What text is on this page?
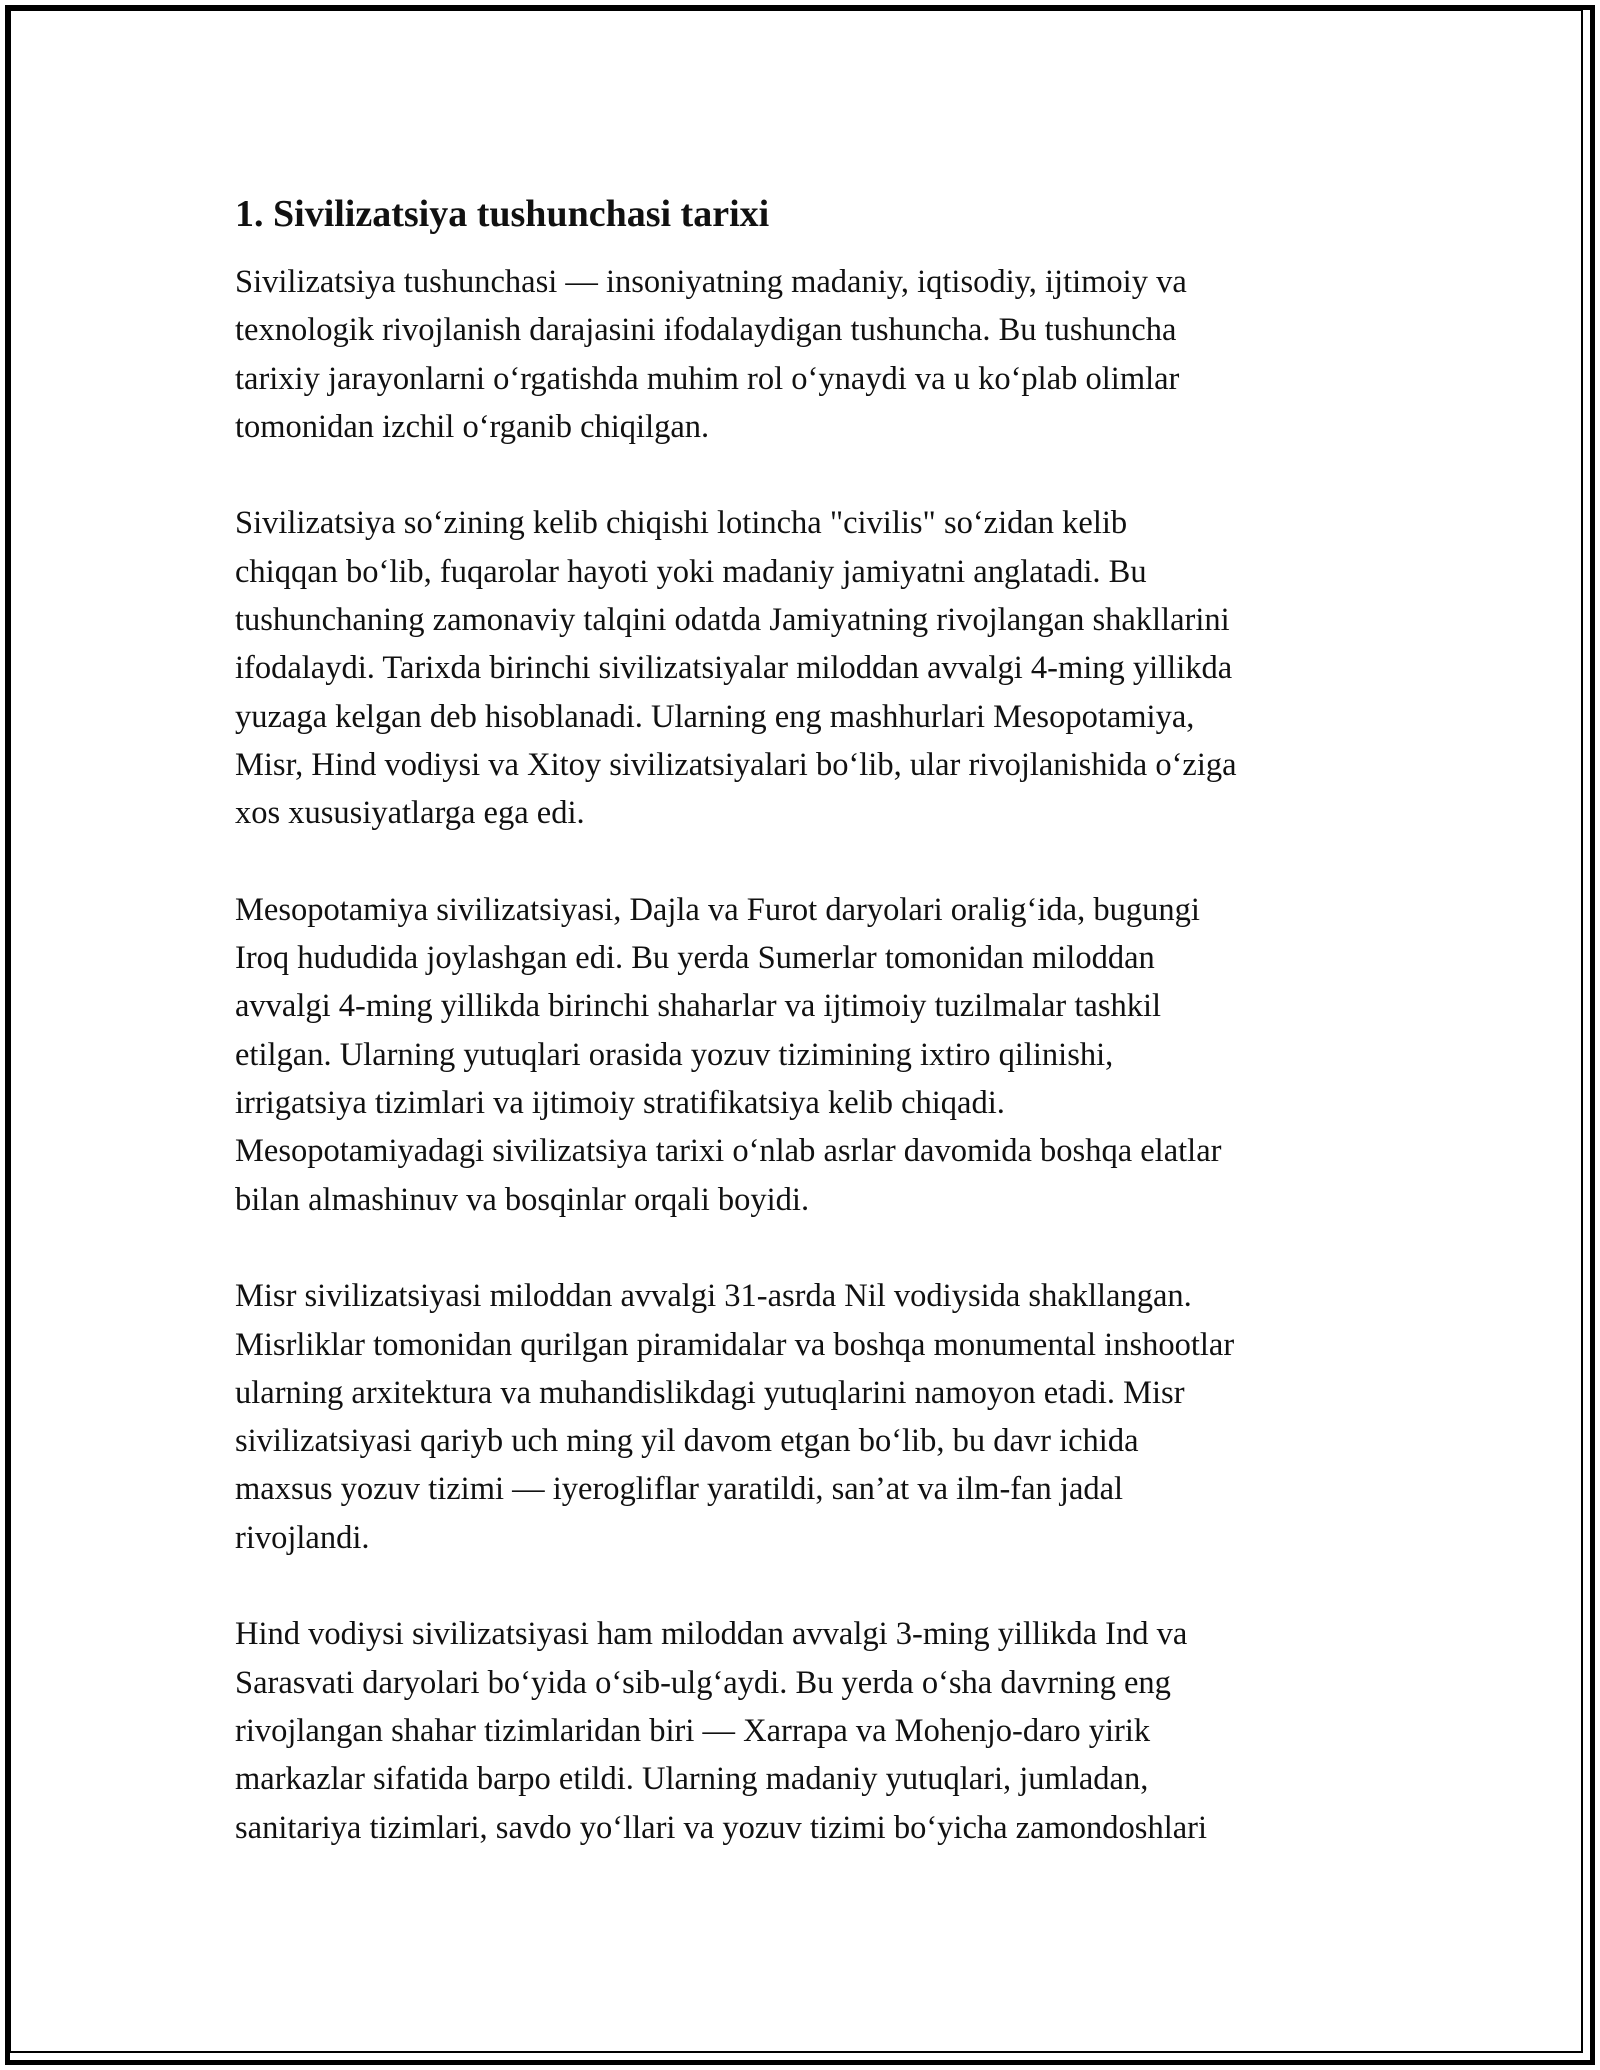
1. Sivilizatsiya tushunchasi tarixi
Sivilizatsiya tushunchasi — insoniyatning madaniy, iqtisodiy, ijtimoiy va
texnologik rivojlanish darajasini ifodalaydigan tushuncha. Bu tushuncha
tarixiy jarayonlarni oʻrgatishda muhim rol oʻynaydi va u koʻplab olimlar
tomonidan izchil oʻrganib chiqilgan.
Sivilizatsiya soʻzining kelib chiqishi lotincha "civilis" soʻzidan kelib
chiqqan boʻlib, fuqarolar hayoti yoki madaniy jamiyatni anglatadi. Bu
tushunchaning zamonaviy talqini odatda Jamiyatning rivojlangan shakllarini
ifodalaydi. Tarixda birinchi sivilizatsiyalar miloddan avvalgi 4-ming yillikda
yuzaga kelgan deb hisoblanadi. Ularning eng mashhurlari Mesopotamiya,
Misr, Hind vodiysi va Xitoy sivilizatsiyalari boʻlib, ular rivojlanishida oʻziga
xos xususiyatlarga ega edi.
Mesopotamiya sivilizatsiyasi, Dajla va Furot daryolari oraligʻida, bugungi
Iroq hududida joylashgan edi. Bu yerda Sumerlar tomonidan miloddan
avvalgi 4-ming yillikda birinchi shaharlar va ijtimoiy tuzilmalar tashkil
etilgan. Ularning yutuqlari orasida yozuv tizimining ixtiro qilinishi,
irrigatsiya tizimlari va ijtimoiy stratifikatsiya kelib chiqadi.
Mesopotamiyadagi sivilizatsiya tarixi oʻnlab asrlar davomida boshqa elatlar
bilan almashinuv va bosqinlar orqali boyidi.
Misr sivilizatsiyasi miloddan avvalgi 31-asrda Nil vodiysida shakllangan.
Misrliklar tomonidan qurilgan piramidalar va boshqa monumental inshootlar
ularning arxitektura va muhandislikdagi yutuqlarini namoyon etadi. Misr
sivilizatsiyasi qariyb uch ming yil davom etgan boʻlib, bu davr ichida
maxsus yozuv tizimi — iyerogliflar yaratildi, san’at va ilm-fan jadal
rivojlandi.
Hind vodiysi sivilizatsiyasi ham miloddan avvalgi 3-ming yillikda Ind va
Sarasvati daryolari boʻyida oʻsib-ulgʻaydi. Bu yerda oʻsha davrning eng
rivojlangan shahar tizimlaridan biri — Xarrapa va Mohenjo-daro yirik
markazlar sifatida barpo etildi. Ularning madaniy yutuqlari, jumladan,
sanitariya tizimlari, savdo yoʻllari va yozuv tizimi boʻyicha zamondoshlari
